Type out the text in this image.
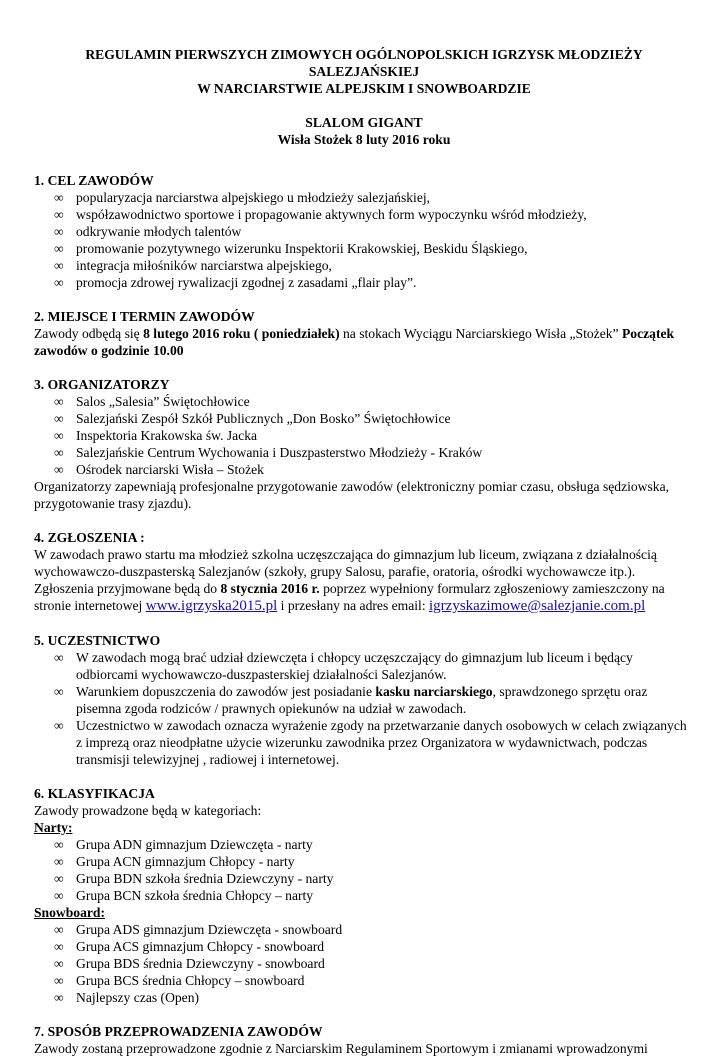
REGULAMIN PIERWSZYCH ZIMOWYCH OGÓLNOPOLSKICH IGRZYSK MŁODZIEŻY

SALEZJAŃSKIEJ

W NARCIARSTWIE ALPEJSKIM I SNOWBOARDZIE

SLALOM GIGANT

Wisła Stożek 8 luty 2016 roku

1. CEL ZAWODÓW

∞ popularyzacja narciarstwa alpejskiego u młodzieży salezjańskiej,
∞ współzawodnictwo sportowe i propagowanie aktywnych form wypoczynku wśród młodzieży,
∞ odkrywanie młodych talentów
∞ promowanie pozytywnego wizerunku Inspektorii Krakowskiej, Beskidu Śląskiego,
∞ integracja miłośników narciarstwa alpejskiego,
∞ promocja zdrowej rywalizacji zgodnej z zasadami „flair play”.

2. MIEJSCE I TERMIN ZAWODÓW

Zawody odbędą się 8 lutego 2016 roku ( poniedziałek) na stokach Wyciągu Narciarskiego Wisła „Stożek” Początek zawodów o godzinie 10.00

3. ORGANIZATORZY

∞ Salos „Salesia” Świętochłowice
∞ Salezjański Zespół Szkół Publicznych „Don Bosko” Świętochłowice
∞ Inspektoria Krakowska św. Jacka
∞ Salezjańskie Centrum Wychowania i Duszpasterstwo Młodzieży - Kraków
∞ Ośrodek narciarski Wisła – Stożek

Organizatorzy zapewniają profesjonalne przygotowanie zawodów (elektroniczny pomiar czasu, obsługa sędziowska, przygotowanie trasy zjazdu).

4. ZGŁOSZENIA :

W zawodach prawo startu ma młodzież szkolna uczęszczająca do gimnazjum lub liceum, związana z działalnością wychowawczo-duszpasterską Salezjanów (szkoły, grupy Salosu, parafie, oratoria, ośrodki wychowawcze itp.).

Zgłoszenia przyjmowane będą do 8 stycznia 2016 r. poprzez wypełniony formularz zgłoszeniowy zamieszczony na stronie internetowej www.igrzyska2015.pl i przesłany na adres email: igrzyskazimowe@salezjanie.com.pl

5. UCZESTNICTWO

∞ W zawodach mogą brać udział dziewczęta i chłopcy uczęszczający do gimnazjum lub liceum i będący odbiorcami wychowawczo-duszpasterskiej działalności Salezjanów.
∞ Warunkiem dopuszczenia do zawodów jest posiadanie kasku narciarskiego, sprawdzonego sprzętu oraz pisemna zgoda rodziców / prawnych opiekunów na udział w zawodach.
∞ Uczestnictwo w zawodach oznacza wyrażenie zgody na przetwarzanie danych osobowych w celach związanych z imprezą oraz nieodpłatne użycie wizerunku zawodnika przez Organizatora w wydawnictwach, podczas transmisji telewizyjnej , radiowej i internetowej.

6. KLASYFIKACJA

Zawody prowadzone będą w kategoriach:

Narty:

∞ Grupa ADN gimnazjum Dziewczęta - narty
∞ Grupa ACN gimnazjum Chłopcy - narty
∞ Grupa BDN szkoła średnia Dziewczyny - narty
∞ Grupa BCN szkoła średnia Chłopcy – narty

Snowboard:

∞ Grupa ADS gimnazjum Dziewczęta - snowboard
∞ Grupa ACS gimnazjum Chłopcy - snowboard
∞ Grupa BDS średnia Dziewczyny - snowboard
∞ Grupa BCS średnia Chłopcy – snowboard
∞ Najlepszy czas (Open)

7. SPOSÓB PRZEPROWADZENIA ZAWODÓW

Zawody zostaną przeprowadzone zgodnie z Narciarskim Regulaminem Sportowym i zmianami wprowadzonymi
